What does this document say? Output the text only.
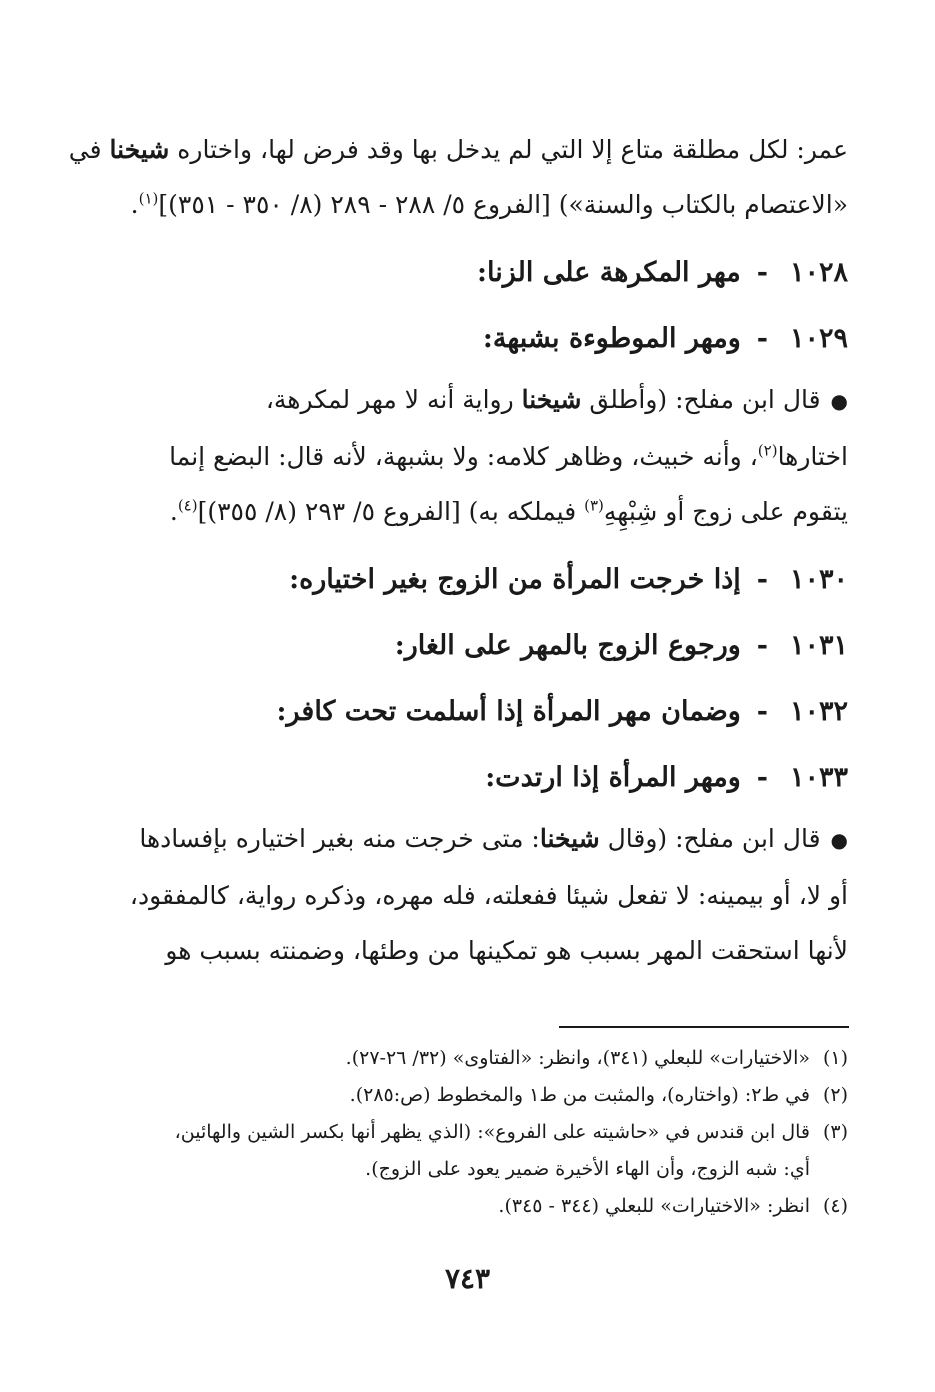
عمر: لكل مطلقة متاع إلا التي لم يدخل بها وقد فرض لها، واختاره شيخنا في
«الاعتصام بالكتاب والسنة») [الفروع ٥/ ٢٨٨ - ٢٨٩ (٨/ ٣٥٠ - ٣٥١)]$^{(١)}$.
١٠٢٨-مهر المكرهة على الزنا:
١٠٢٩-ومهر الموطوءة بشبهة:
●قال ابن مفلح: (وأطلق شيخنا رواية أنه لا مهر لمكرهة،
اختارها$^{(٢)}$، وأنه خبيث، وظاهر كلامه: ولا بشبهة، لأنه قال: البضع إنما
يتقوم على زوج أو شِبْهِهِ$^{(٣)}$ فيملكه به) [الفروع ٥/ ٢٩٣ (٨/ ٣٥٥)]$^{(٤)}$.
١٠٣٠-إذا خرجت المرأة من الزوج بغير اختياره:
١٠٣١-ورجوع الزوج بالمهر على الغار:
١٠٣٢-وضمان مهر المرأة إذا أسلمت تحت كافر:
١٠٣٣-ومهر المرأة إذا ارتدت:
●قال ابن مفلح: (وقال شيخنا: متى خرجت منه بغير اختياره بإفسادها
أو لا، أو بيمينه: لا تفعل شيئا ففعلته، فله مهره، وذكره رواية، كالمفقود،
لأنها استحقت المهر بسبب هو تمكينها من وطئها، وضمنته بسبب هو
(١)
«الاختيارات» للبعلي (٣٤١)، وانظر: «الفتاوى» (٣٢/ ٢٦-٢٧).
(٢)
في ط٢: (واختاره)، والمثبت من ط١ والمخطوط (ص:٢٨٥).
(٣)
قال ابن قندس في «حاشيته على الفروع»: (الذي يظهر أنها بكسر الشين والهائين،
أي: شبه الزوج، وأن الهاء الأخيرة ضمير يعود على الزوج).
(٤)
انظر: «الاختيارات» للبعلي (٣٤٤ - ٣٤٥).
٧٤٣
